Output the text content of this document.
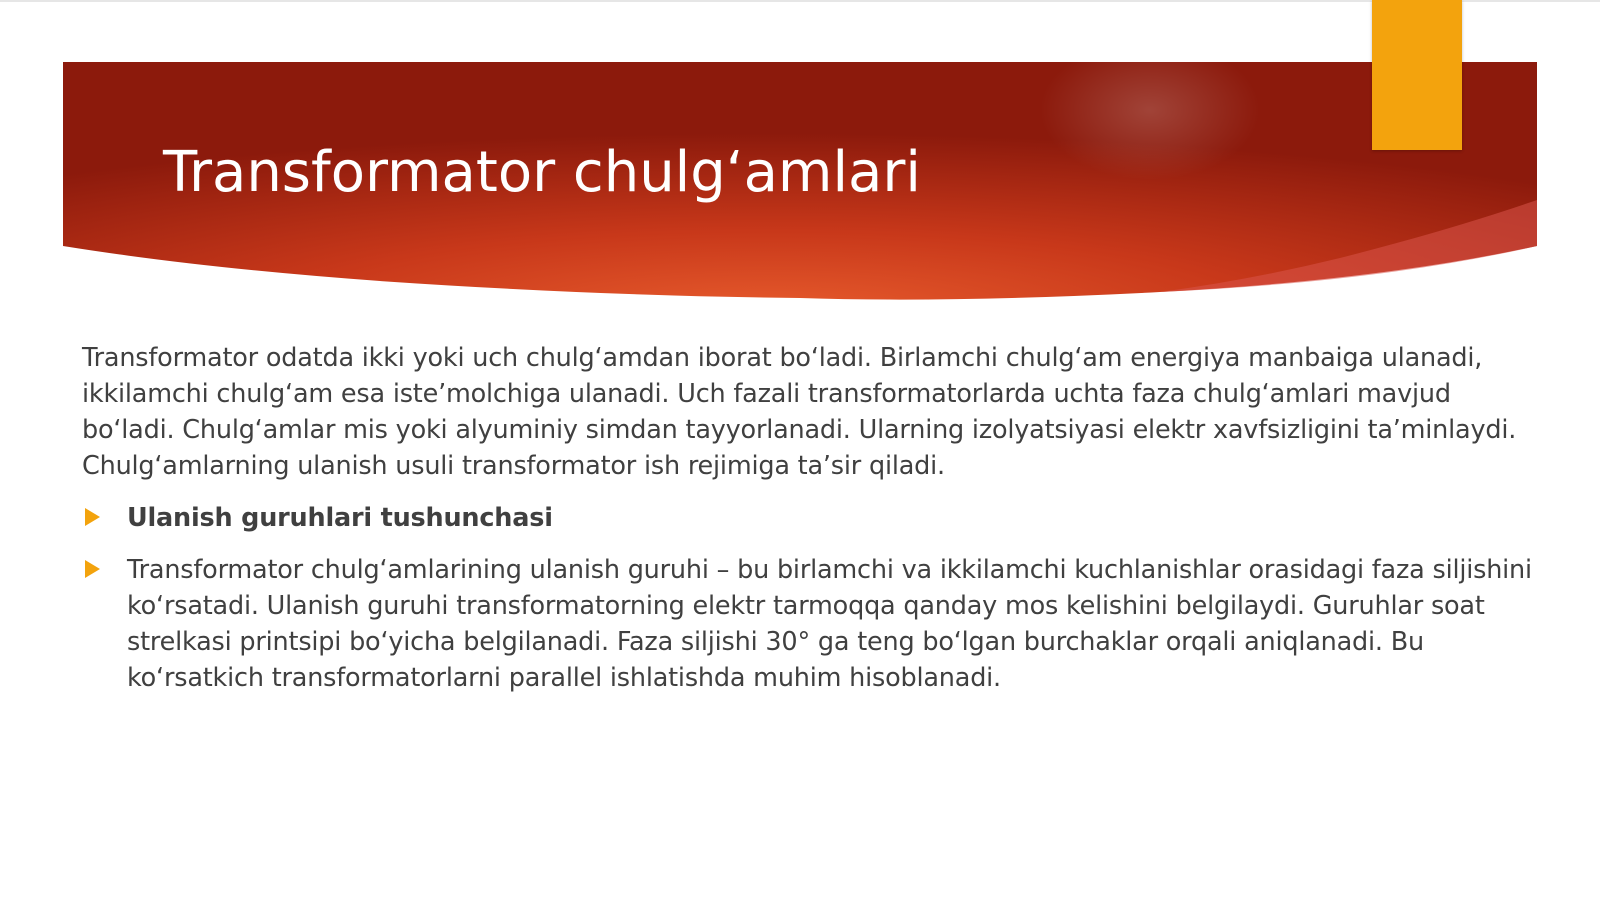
Transformator chulg‘amlari

Transformator odatda ikki yoki uch chulg‘amdan iborat bo‘ladi. Birlamchi chulg‘am energiya manbaiga ulanadi, ikkilamchi chulg‘am esa iste’molchiga ulanadi. Uch fazali transformatorlarda uchta faza chulg‘amlari mavjud bo‘ladi. Chulg‘amlar mis yoki alyuminiy simdan tayyorlanadi. Ularning izolyatsiyasi elektr xavfsizligini ta’minlaydi. Chulg‘amlarning ulanish usuli transformator ish rejimiga ta’sir qiladi.

Ulanish guruhlari tushunchasi
Transformator chulg‘amlarining ulanish guruhi – bu birlamchi va ikkilamchi kuchlanishlar orasidagi faza siljishini ko‘rsatadi. Ulanish guruhi transformatorning elektr tarmoqqa qanday mos kelishini belgilaydi. Guruhlar soat strelkasi printsipi bo‘yicha belgilanadi. Faza siljishi 30° ga teng bo‘lgan burchaklar orqali aniqlanadi. Bu ko‘rsatkich transformatorlarni parallel ishlatishda muhim hisoblanadi.
